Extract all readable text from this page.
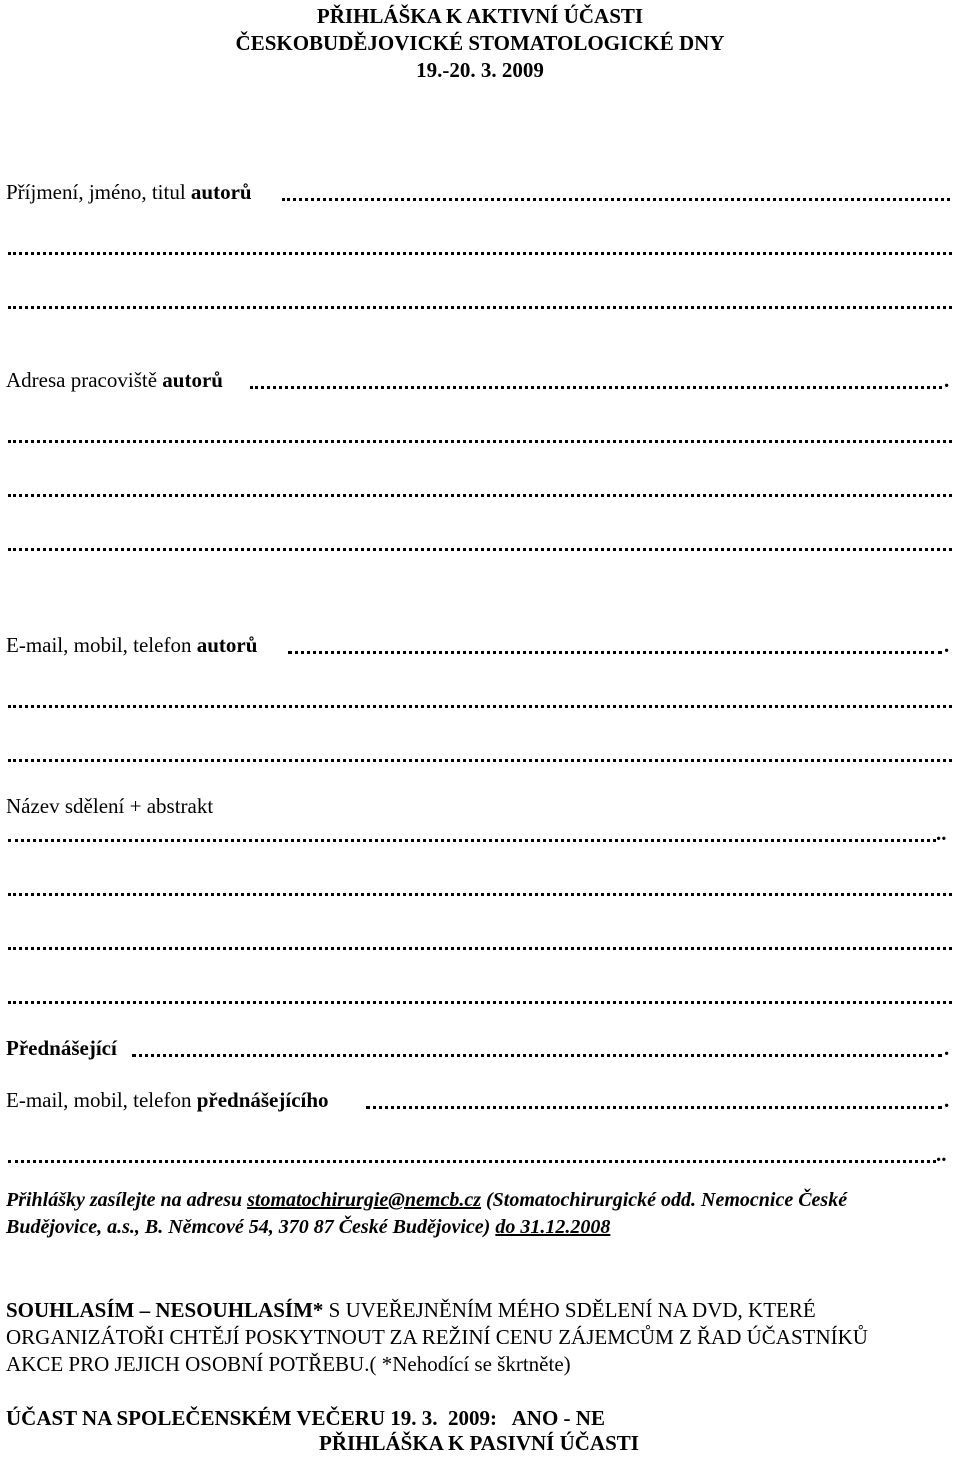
PŘIHLÁŠKA K AKTIVNÍ ÚČASTI
ČESKOBUDĚJOVICKÉ STOMATOLOGICKÉ DNY
19.-20. 3. 2009
Příjmení, jméno, titul autorů
Adresa pracoviště autorů	.
E-mail, mobil, telefon autorů	.
Název sdělení + abstrakt
..
Přednášející	.
E-mail, mobil, telefon přednášejícího	.
..
Přihlášky zasílejte na adresu stomatochirurgie@nemcb.cz (Stomatochirurgické odd. Nemocnice České
Budějovice, a.s., B. Němcové 54, 370 87 České Budějovice) do 31.12.2008
SOUHLASÍM – NESOUHLASÍM* S UVEŘEJNĚNÍM MÉHO SDĚLENÍ NA DVD, KTERÉ
ORGANIZÁTOŘI CHTĚJÍ POSKYTNOUT ZA REŽINÍ CENU ZÁJEMCŮM Z ŘAD ÚČASTNÍKŮ
AKCE PRO JEJICH OSOBNÍ POTŘEBU.( *Nehodící se škrtněte)
ÚČAST NA SPOLEČENSKÉM VEČERU 19. 3.  2009:   ANO - NE
PŘIHLÁŠKA K PASIVNÍ ÚČASTI
